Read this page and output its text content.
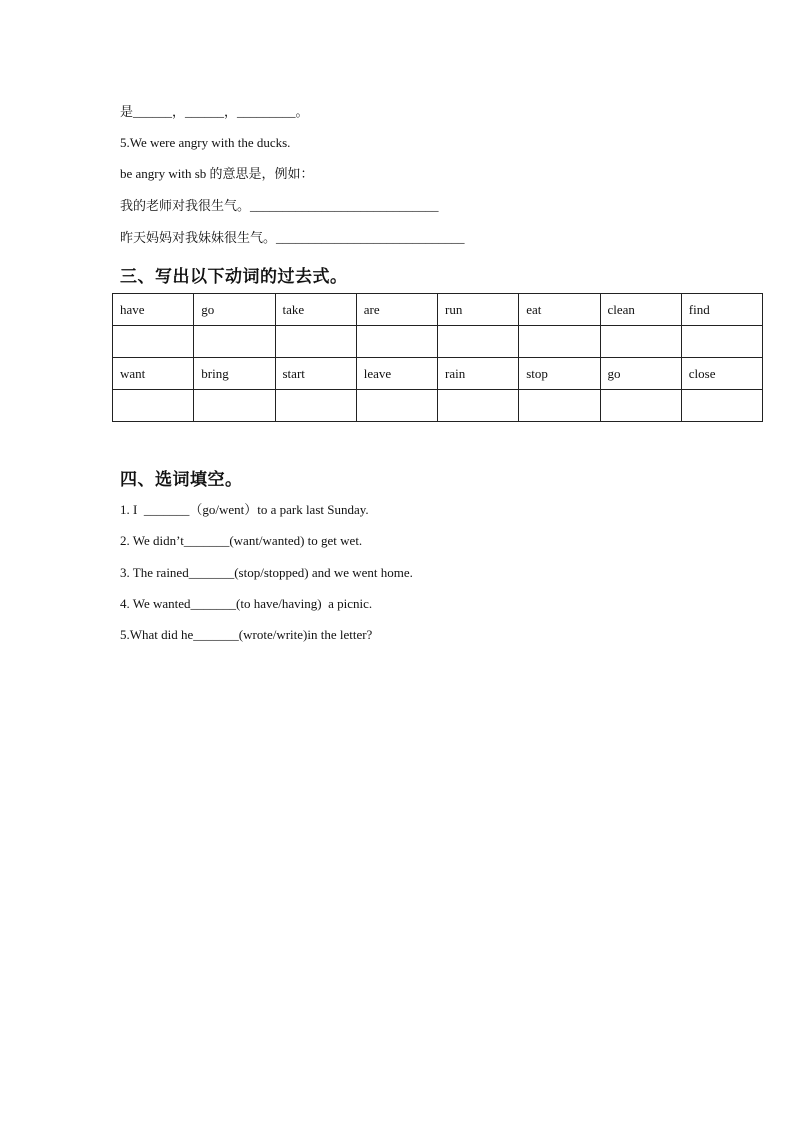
是______，______，_________。
5.We were angry with the ducks.
be angry with sb 的意思是，例如：
我的老师对我很生气。_____________________________
昨天妈妈对我妹妹很生气。_____________________________
三、写出以下动词的过去式。
have	go	take	are	run	eat	clean	find

want	bring	start	leave	rain	stop	go	close

四、选词填空。
1. I  _______（go/went）to a park last Sunday.
2. We didn’t_______(want/wanted) to get wet.
3. The rained_______(stop/stopped) and we went home.
4. We wanted_______(to have/having)  a picnic.
5.What did he_______(wrote/write)in the letter?
